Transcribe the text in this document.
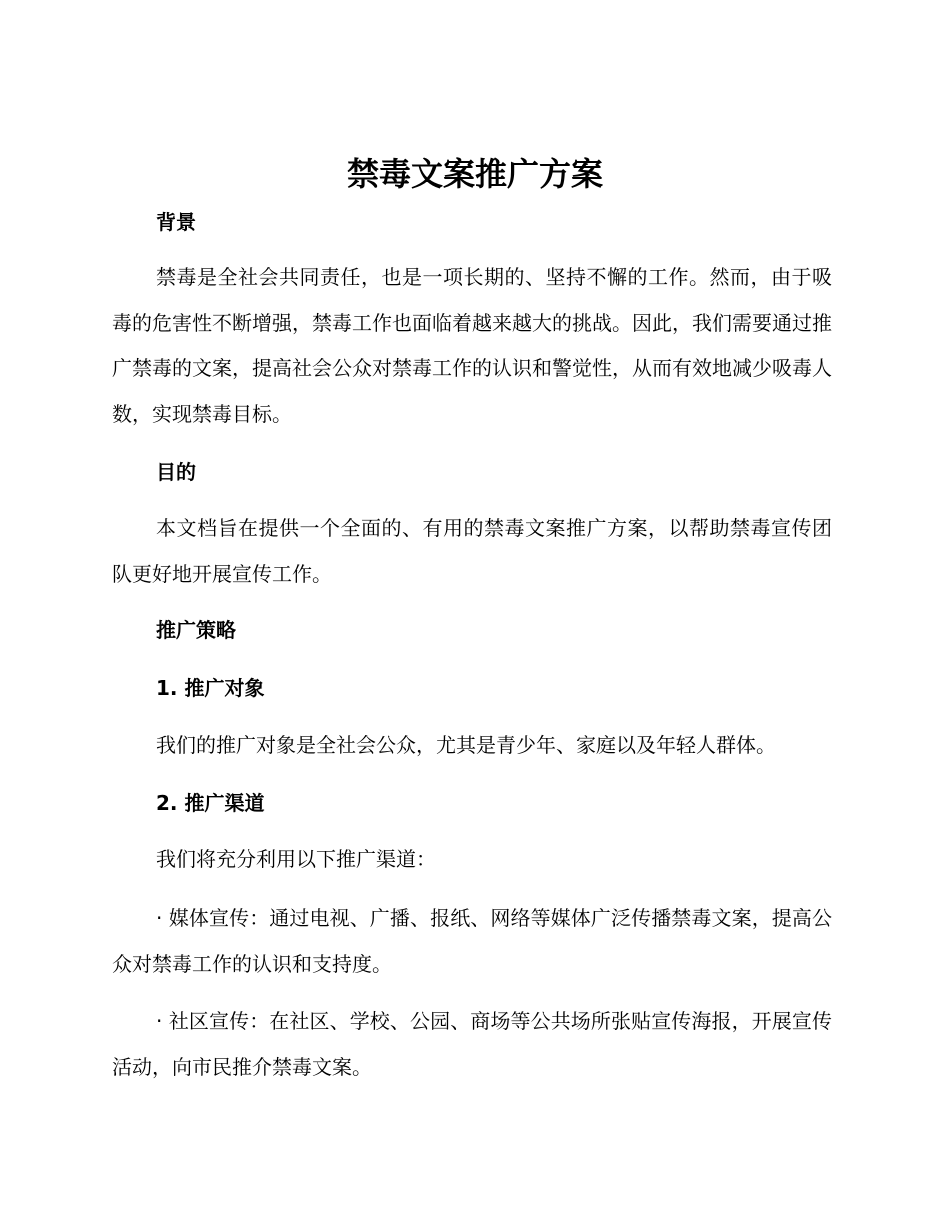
禁毒文案推广方案
背景

禁毒是全社会共同责任，也是一项长期的、坚持不懈的工作。然而，由于吸毒的危害性不断增强，禁毒工作也面临着越来越大的挑战。因此，我们需要通过推广禁毒的文案，提高社会公众对禁毒工作的认识和警觉性，从而有效地减少吸毒人数，实现禁毒目标。

目的

本文档旨在提供一个全面的、有用的禁毒文案推广方案，以帮助禁毒宣传团队更好地开展宣传工作。

推广策略
1. 推广对象

我们的推广对象是全社会公众，尤其是青少年、家庭以及年轻人群体。

2. 推广渠道

我们将充分利用以下推广渠道：

· 媒体宣传：通过电视、广播、报纸、网络等媒体广泛传播禁毒文案，提高公众对禁毒工作的认识和支持度。

· 社区宣传：在社区、学校、公园、商场等公共场所张贴宣传海报，开展宣传活动，向市民推介禁毒文案。
